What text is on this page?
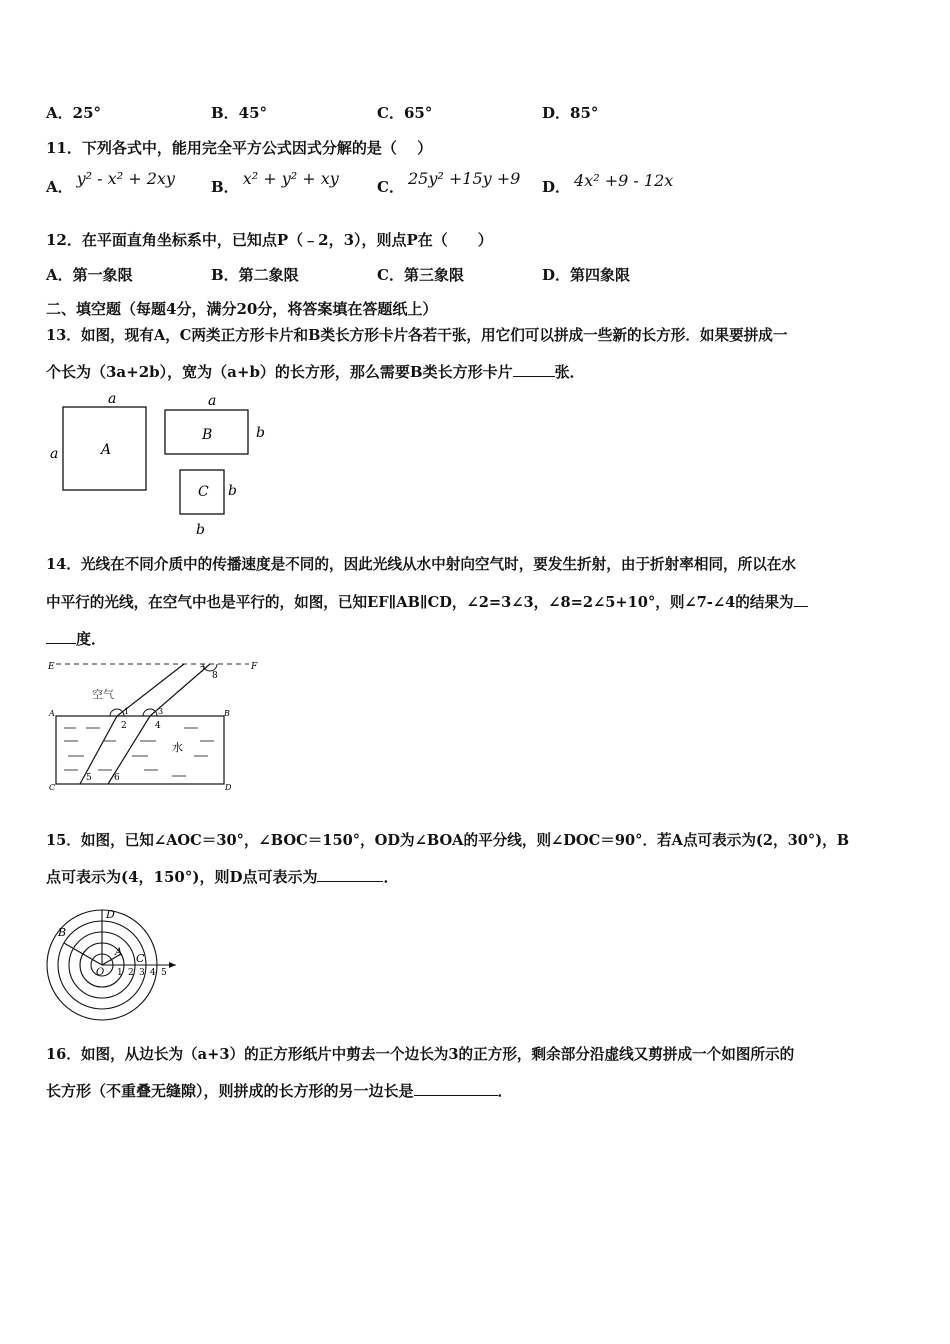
A．25°	B．45°	C．65°	D．85°
11．下列各式中，能用完全平方公式因式分解的是（　 ）
A． y² - x² + 2xy B． x² + y² + xy	C． 25y² +15y +9 D． 4x² +9 - 12x
12．在平面直角坐标系中，已知点P（﹣2，3），则点P在（　　）
A．第一象限	B．第二象限	C．第三象限	D．第四象限
二、填空题（每题4分，满分20分，将答案填在答题纸上）
13．如图，现有A，C两类正方形卡片和B类长方形卡片各若干张，用它们可以拼成一些新的长方形．如果要拼成一
个长为（3a+2b），宽为（a+b）的长方形，那么需要B类长方形卡片	张．
a
a	A
a
B	b
C b
b
14．光线在不同介质中的传播速度是不同的，因此光线从水中射向空气时，要发生折射，由于折射率相同，所以在水
中平行的光线，在空气中也是平行的，如图，已知EF∥AB∥CD，∠2=3∠3，∠8=2∠5+10°，则∠7-∠4的结果为
度．
E	F
空气
A	B
C	D
水
1
2
3
4
5 6
7
8
15．如图，已知∠AOC＝30°，∠BOC＝150°，OD为∠BOA的平分线，则∠DOC＝90°．若A点可表示为(2，30°)，B
点可表示为(4，150°)，则D点可表示为	．
D
B
A C
O 1 2 3 4 5
16．如图，从边长为（a+3）的正方形纸片中剪去一个边长为3的正方形，剩余部分沿虚线又剪拼成一个如图所示的
长方形（不重叠无缝隙），则拼成的长方形的另一边长是	．
